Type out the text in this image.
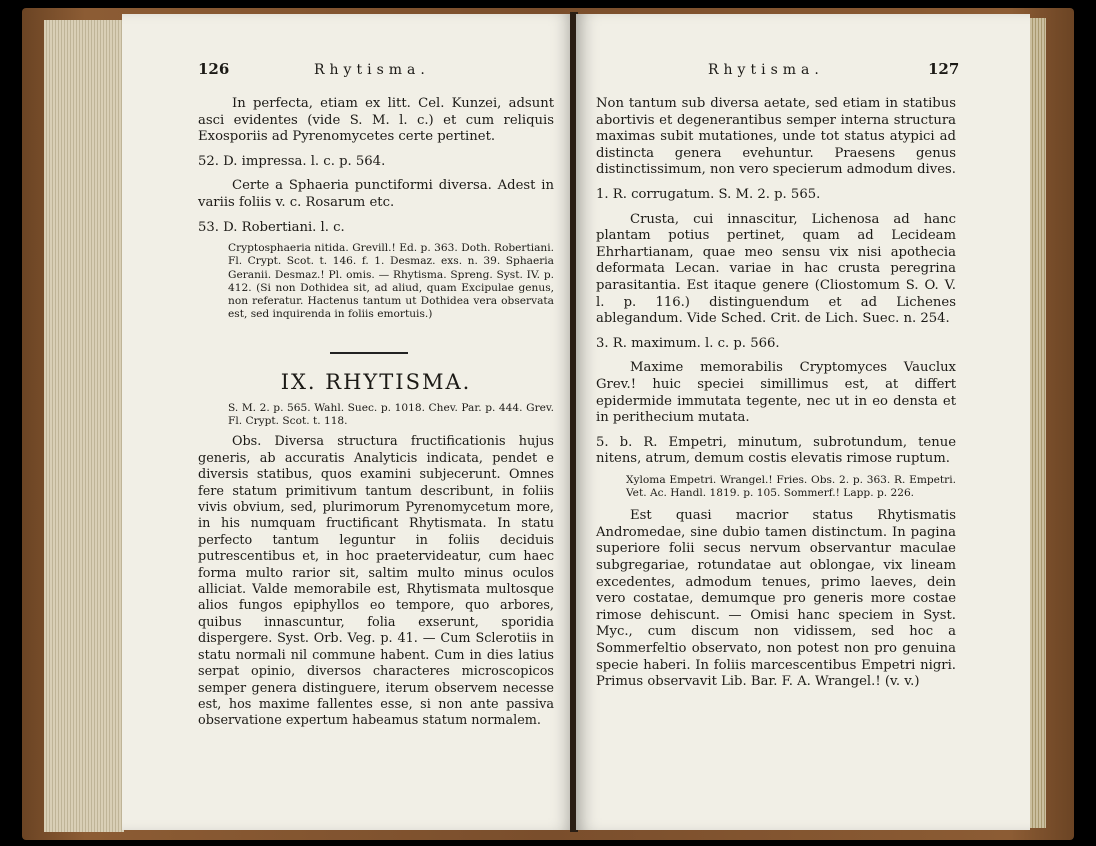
126	Rhytisma.

In perfecta, etiam ex litt. Cel. Kunzei, adsunt asci evidentes (vide S. M. l. c.) et cum reliquis Exosporiis ad Pyrenomycetes certe pertinet.

52. D. impressa. l. c. p. 564.

Certe a Sphaeria punctiformi diversa. Adest in variis foliis v. c. Rosarum etc.

53. D. Robertiani. l. c.

Cryptosphaeria nitida. Grevill.! Ed. p. 363. Doth. Robertiani. Fl. Crypt. Scot. t. 146. f. 1. Desmaz. exs. n. 39. Sphaeria Geranii. Desmaz.! Pl. omis. — Rhytisma. Spreng. Syst. IV. p. 412. (Si non Dothidea sit, ad aliud, quam Excipulae genus, non referatur. Hactenus tantum ut Dothidea vera observata est, sed inquirenda in foliis emortuis.)

IX. RHYTISMA.

S. M. 2. p. 565. Wahl. Suec. p. 1018. Chev. Par. p. 444. Grev. Fl. Crypt. Scot. t. 118.

Obs. Diversa structura fructificationis hujus generis, ab accuratis Analyticis indicata, pendet e diversis statibus, quos examini subjecerunt. Omnes fere statum primitivum tantum describunt, in foliis vivis obvium, sed, plurimorum Pyrenomycetum more, in his numquam fructificant Rhytismata. In statu perfecto tantum leguntur in foliis deciduis putrescentibus et, in hoc praetervideatur, cum haec forma multo rarior sit, saltim multo minus oculos alliciat. Valde memorabile est, Rhytismata multosque alios fungos epiphyllos eo tempore, quo arbores, quibus innascuntur, folia exserunt, sporidia dispergere. Syst. Orb. Veg. p. 41. — Cum Sclerotiis in statu normali nil commune habent. Cum in dies latius serpat opinio, diversos characteres microscopicos semper genera distinguere, iterum observem necesse est, hos maxime fallentes esse, si non ante passiva observatione expertum habeamus statum normalem.

Rhytisma.	127

Non tantum sub diversa aetate, sed etiam in statibus abortivis et degenerantibus semper interna structura maximas subit mutationes, unde tot status atypici ad distincta genera evehuntur. Praesens genus distinctissimum, non vero specierum admodum dives.

1. R. corrugatum. S. M. 2. p. 565.

Crusta, cui innascitur, Lichenosa ad hanc plantam potius pertinet, quam ad Lecideam Ehrhartianam, quae meo sensu vix nisi apothecia deformata Lecan. variae in hac crusta peregrina parasitantia. Est itaque genere (Cliostomum S. O. V. l. p. 116.) distinguendum et ad Lichenes ablegandum. Vide Sched. Crit. de Lich. Suec. n. 254.

3. R. maximum. l. c. p. 566.

Maxime memorabilis Cryptomyces Vauclux Grev.! huic speciei simillimus est, at differt epidermide immutata tegente, nec ut in eo densta et in perithecium mutata.

5. b. R. Empetri, minutum, subrotundum, tenue nitens, atrum, demum costis elevatis rimose ruptum.

Xyloma Empetri. Wrangel.! Fries. Obs. 2. p. 363. R. Empetri. Vet. Ac. Handl. 1819. p. 105. Sommerf.! Lapp. p. 226.

Est quasi macrior status Rhytismatis Andromedae, sine dubio tamen distinctum. In pagina superiore folii secus nervum observantur maculae subgregariae, rotundatae aut oblongae, vix lineam excedentes, admodum tenues, primo laeves, dein vero costatae, demumque pro generis more costae rimose dehiscunt. — Omisi hanc speciem in Syst. Myc., cum discum non vidissem, sed hoc a Sommerfeltio observato, non potest non pro genuina specie haberi. In foliis marcescentibus Empetri nigri. Primus observavit Lib. Bar. F. A. Wrangel.! (v. v.)
